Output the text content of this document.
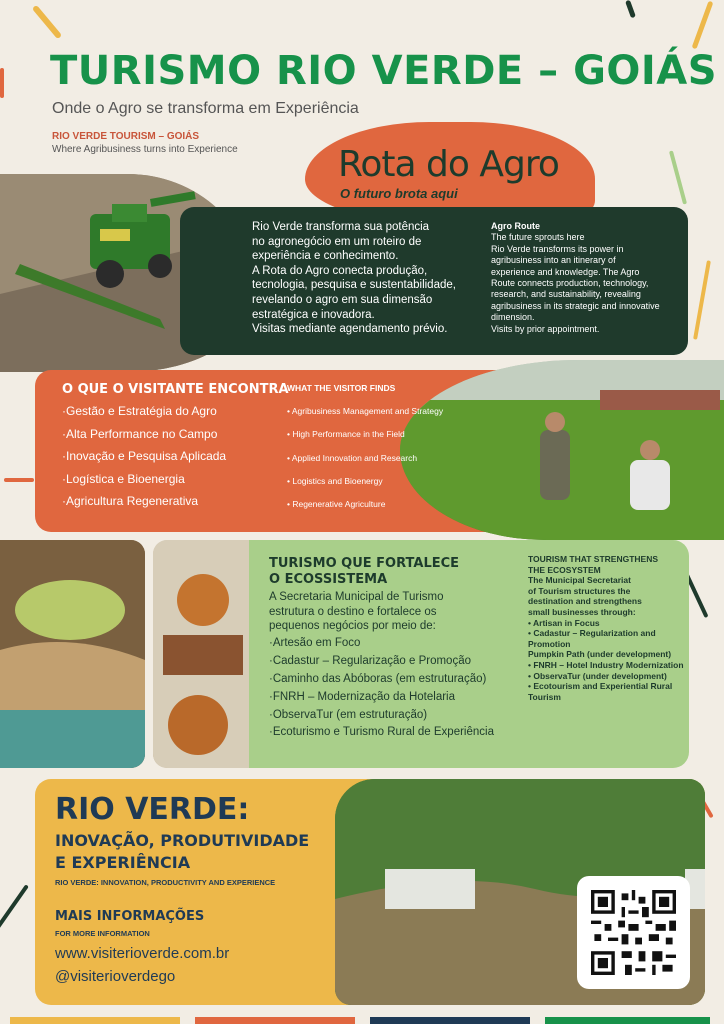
TURISMO RIO VERDE – GOIÁS
Onde o Agro se transforma em Experiência
RIO VERDE TOURISM – GOIÁS
Where Agribusiness turns into Experience	Rota do Agro
O futuro brota aqui
Rio Verde transforma sua potência
no agronegócio em um roteiro de
experiência e conhecimento.
A Rota do Agro conecta produção,
tecnologia, pesquisa e sustentabilidade,
revelando o agro em sua dimensão
estratégica e inovadora.
Visitas mediante agendamento prévio.
Agro Route
The future sprouts here
Rio Verde transforms its power in
agribusiness into an itinerary of
experience and knowledge. The Agro
Route connects production, technology,
research, and sustainability, revealing
agribusiness in its strategic and innovative
dimension.
Visits by prior appointment.
O QUE O VISITANTE ENCONTRA
·Gestão e Estratégia do Agro
·Alta Performance no Campo
·Inovação e Pesquisa Aplicada
·Logística e Bioenergia
·Agricultura Regenerativa
WHAT THE VISITOR FINDS
• Agribusiness Management and Strategy
• High Performance in the Field
• Applied Innovation and Research
• Logistics and Bioenergy
• Regenerative Agriculture
TURISMO QUE FORTALECE
O ECOSSISTEMA
A Secretaria Municipal de Turismo
estrutura o destino e fortalece os
pequenos negócios por meio de:
·Artesão em Foco
·Cadastur – Regularização e Promoção
·Caminho das Abóboras (em estruturação)
·FNRH – Modernização da Hotelaria
·ObservaTur (em estruturação)
·Ecoturismo e Turismo Rural de Experiência
TOURISM THAT STRENGTHENS
THE ECOSYSTEM
The Municipal Secretariat
of Tourism structures the
destination and strengthens
small businesses through:
• Artisan in Focus
• Cadastur – Regularization and Promotion
Pumpkin Path (under development)
• FNRH – Hotel Industry Modernization
• ObservaTur (under development)
• Ecotourism and Experiential Rural Tourism
RIO VERDE:
INOVAÇÃO, PRODUTIVIDADE
E EXPERIÊNCIA
RIO VERDE: INNOVATION, PRODUCTIVITY AND EXPERIENCE
MAIS INFORMAÇÕES
FOR MORE INFORMATION
www.visiterioverde.com.br
@visiterioverdego
